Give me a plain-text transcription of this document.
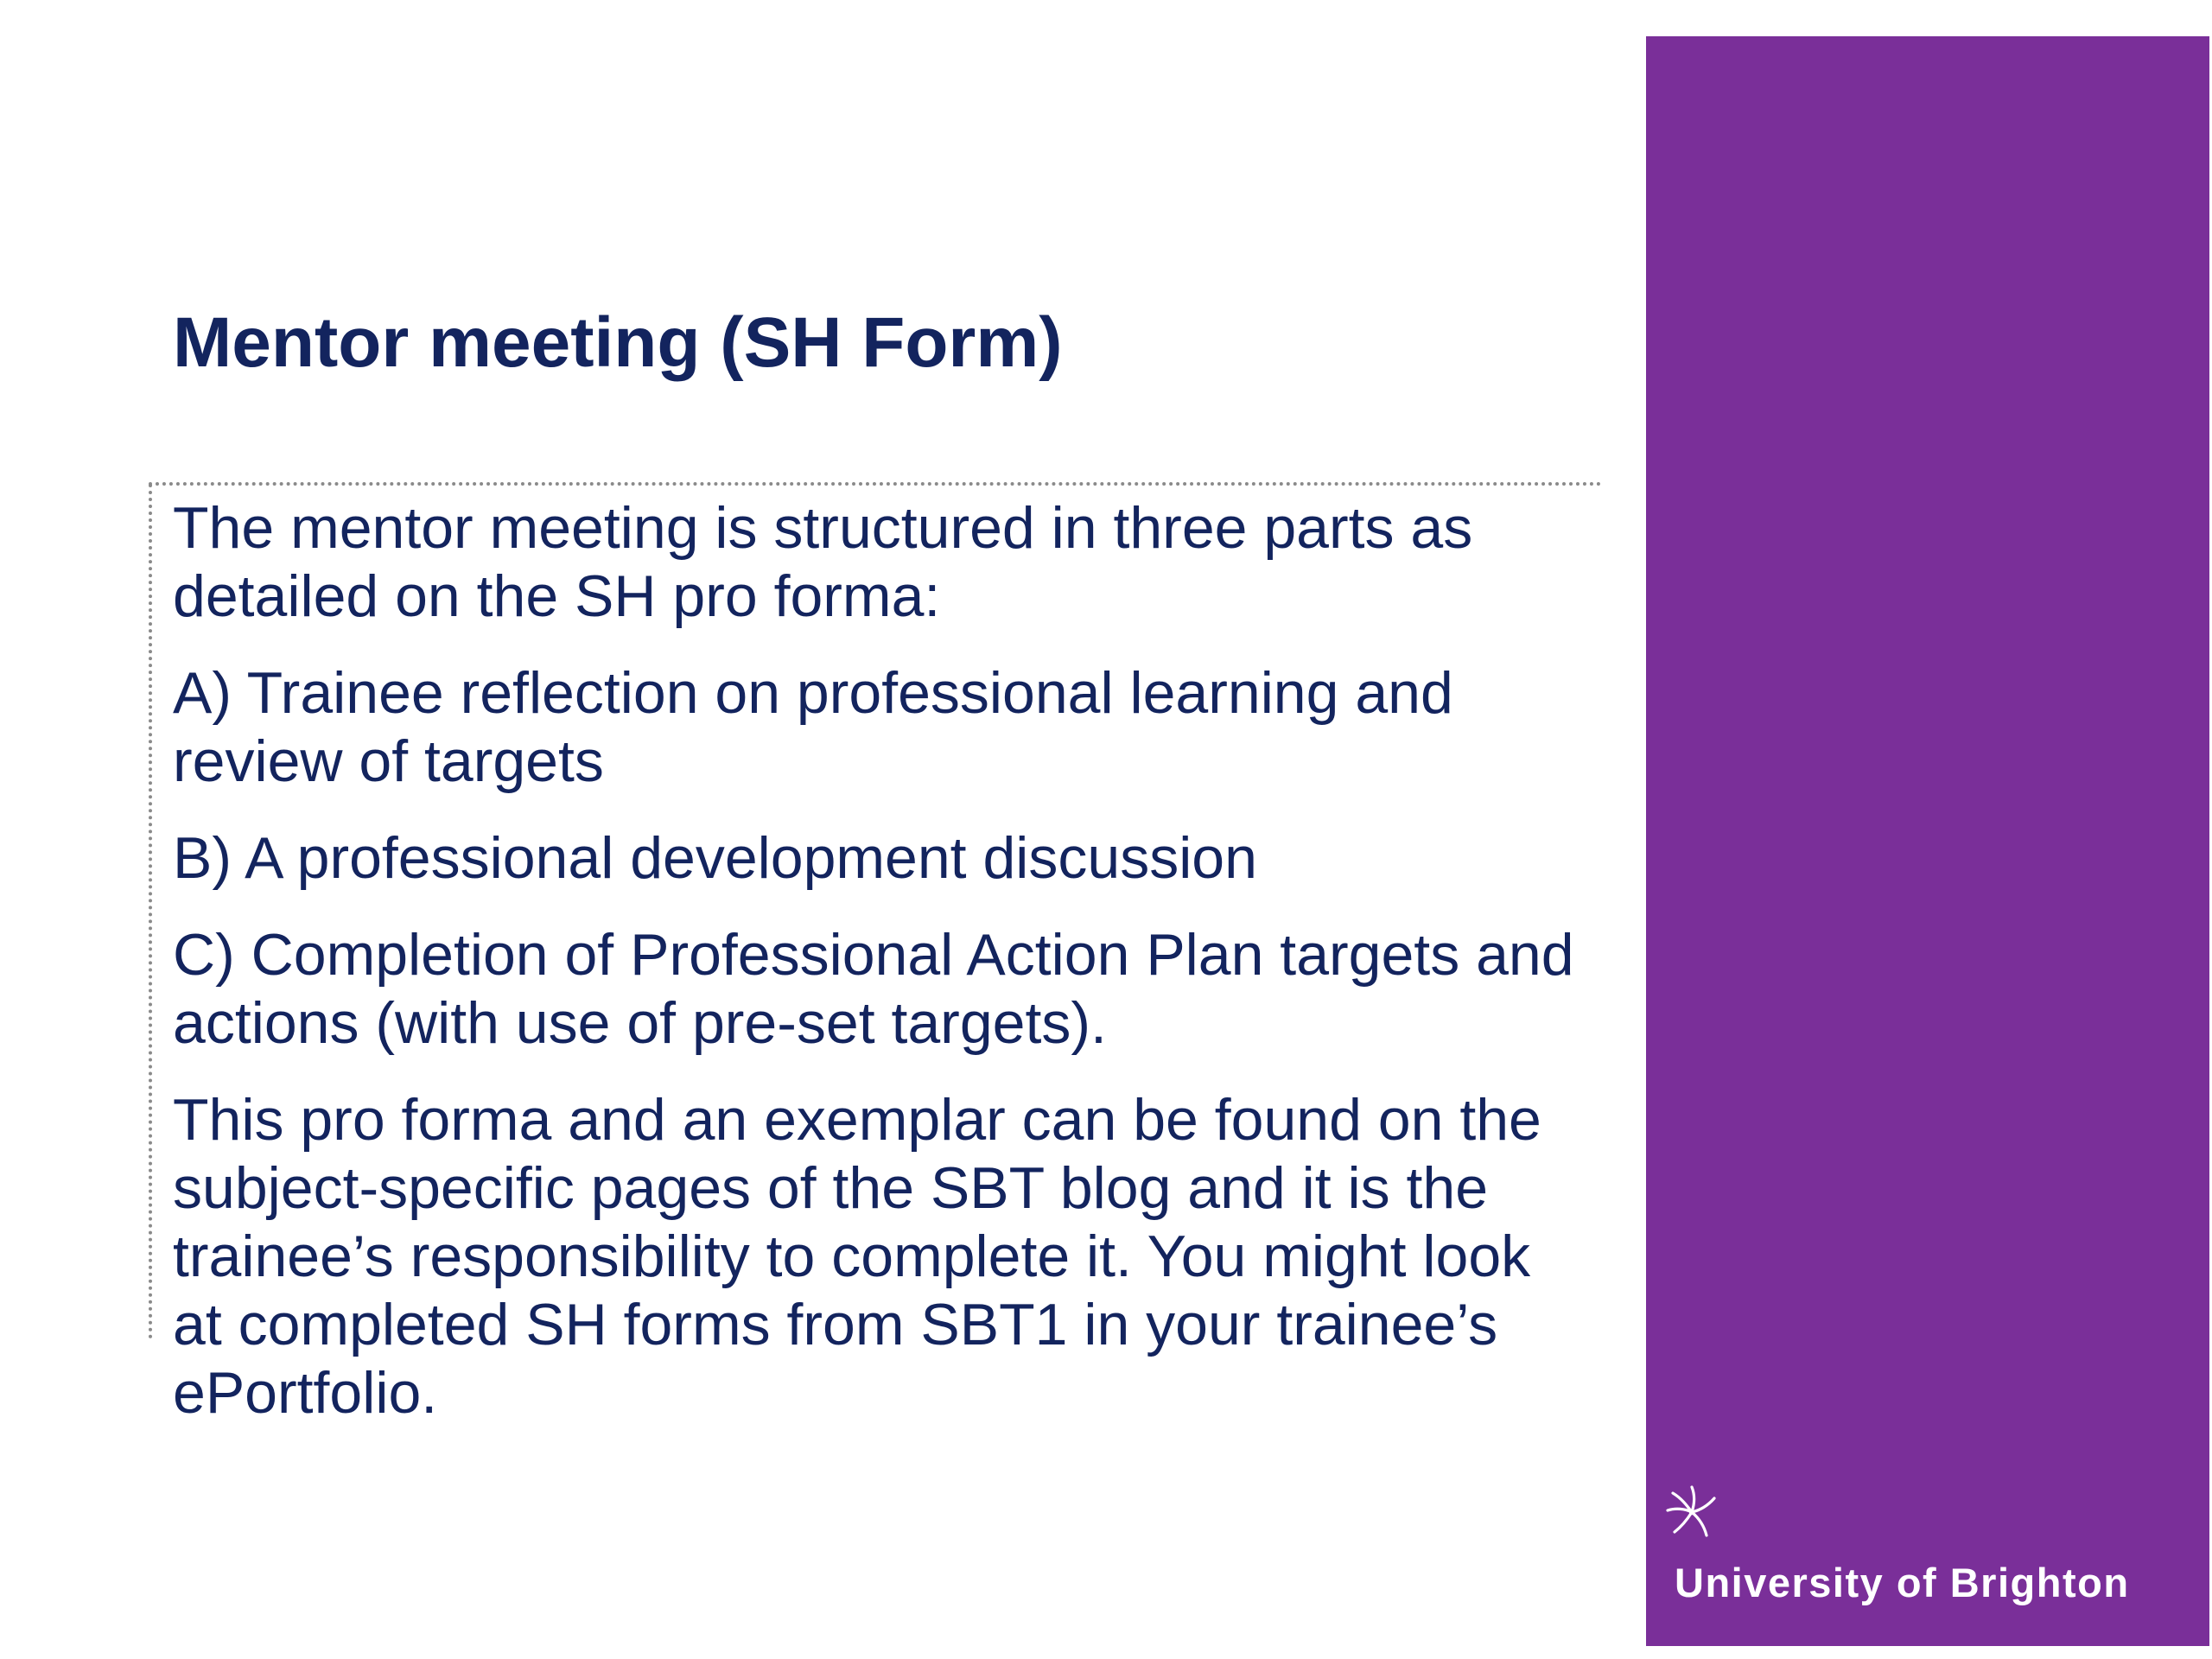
Mentor meeting (SH Form)

The mentor meeting is structured in three parts as detailed on the SH pro forma:

A) Trainee reflection on professional learning and review of targets

B) A professional development discussion

C) Completion of Professional Action Plan targets and actions (with use of pre-set targets).

This pro forma and an exemplar can be found on the subject-specific pages of the SBT blog and it is the trainee’s responsibility to complete it. You might look at completed SH forms from SBT1 in your trainee’s ePortfolio.

University of Brighton
